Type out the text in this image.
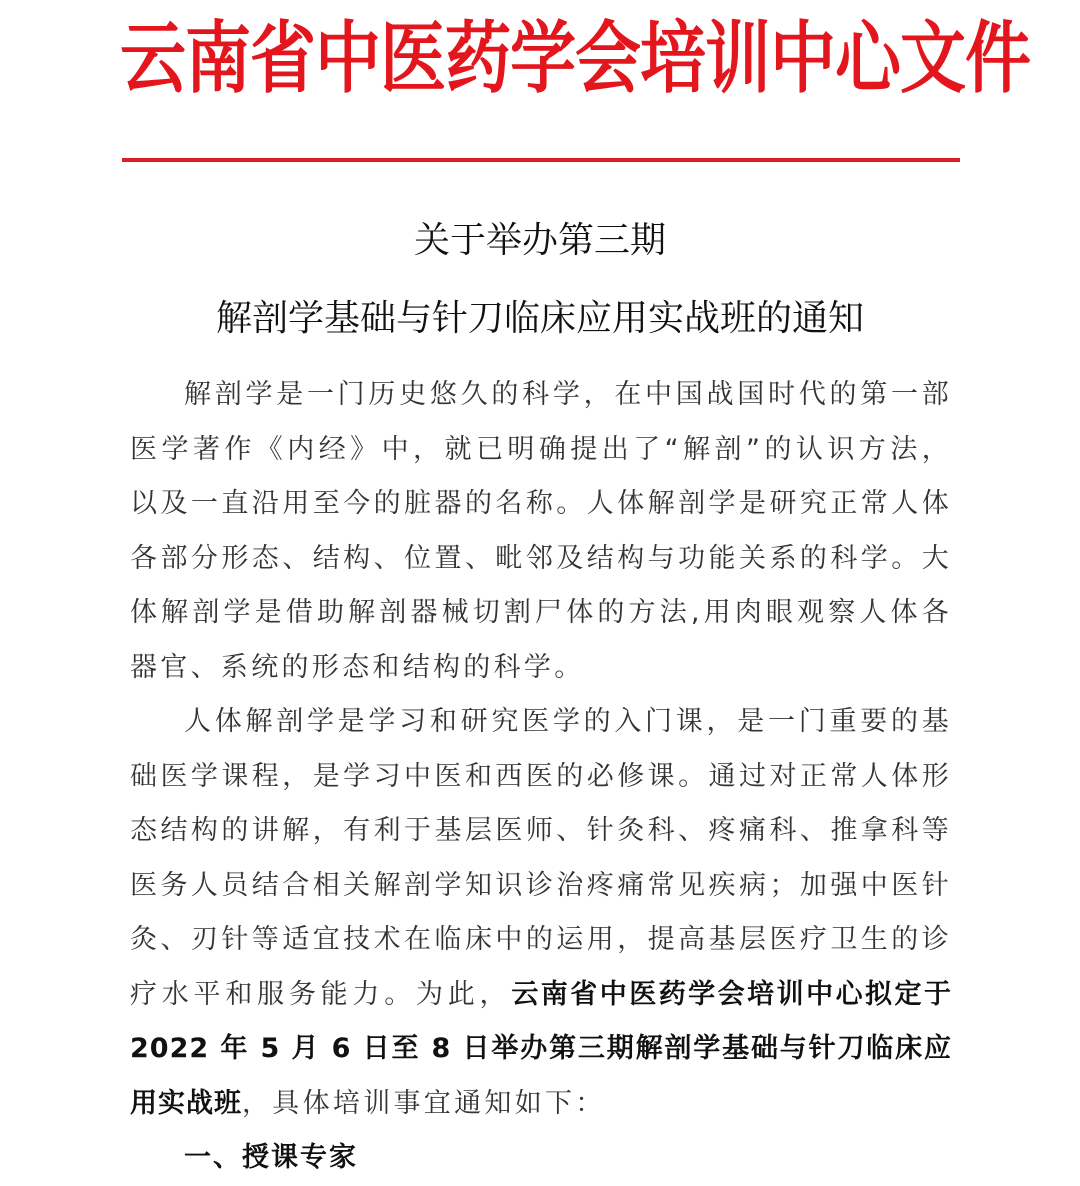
云南省中医药学会培训中心文件
关于举办第三期
解剖学基础与针刀临床应用实战班的通知

解剖学是一门历史悠久的科学，在中国战国时代的第一部医学著作《内经》中，就已明确提出了“解剖”的认识方法，以及一直沿用至今的脏器的名称。人体解剖学是研究正常人体各部分形态、结构、位置、毗邻及结构与功能关系的科学。大体解剖学是借助解剖器械切割尸体的方法,用肉眼观察人体各器官、系统的形态和结构的科学。

人体解剖学是学习和研究医学的入门课，是一门重要的基础医学课程，是学习中医和西医的必修课。通过对正常人体形态结构的讲解，有利于基层医师、针灸科、疼痛科、推拿科等医务人员结合相关解剖学知识诊治疼痛常见疾病；加强中医针灸、刃针等适宜技术在临床中的运用，提高基层医疗卫生的诊疗水平和服务能力。为此，云南省中医药学会培训中心拟定于 2022 年 5 月 6 日至 8 日举办第三期解剖学基础与针刀临床应用实战班，具体培训事宜通知如下：

一、授课专家
